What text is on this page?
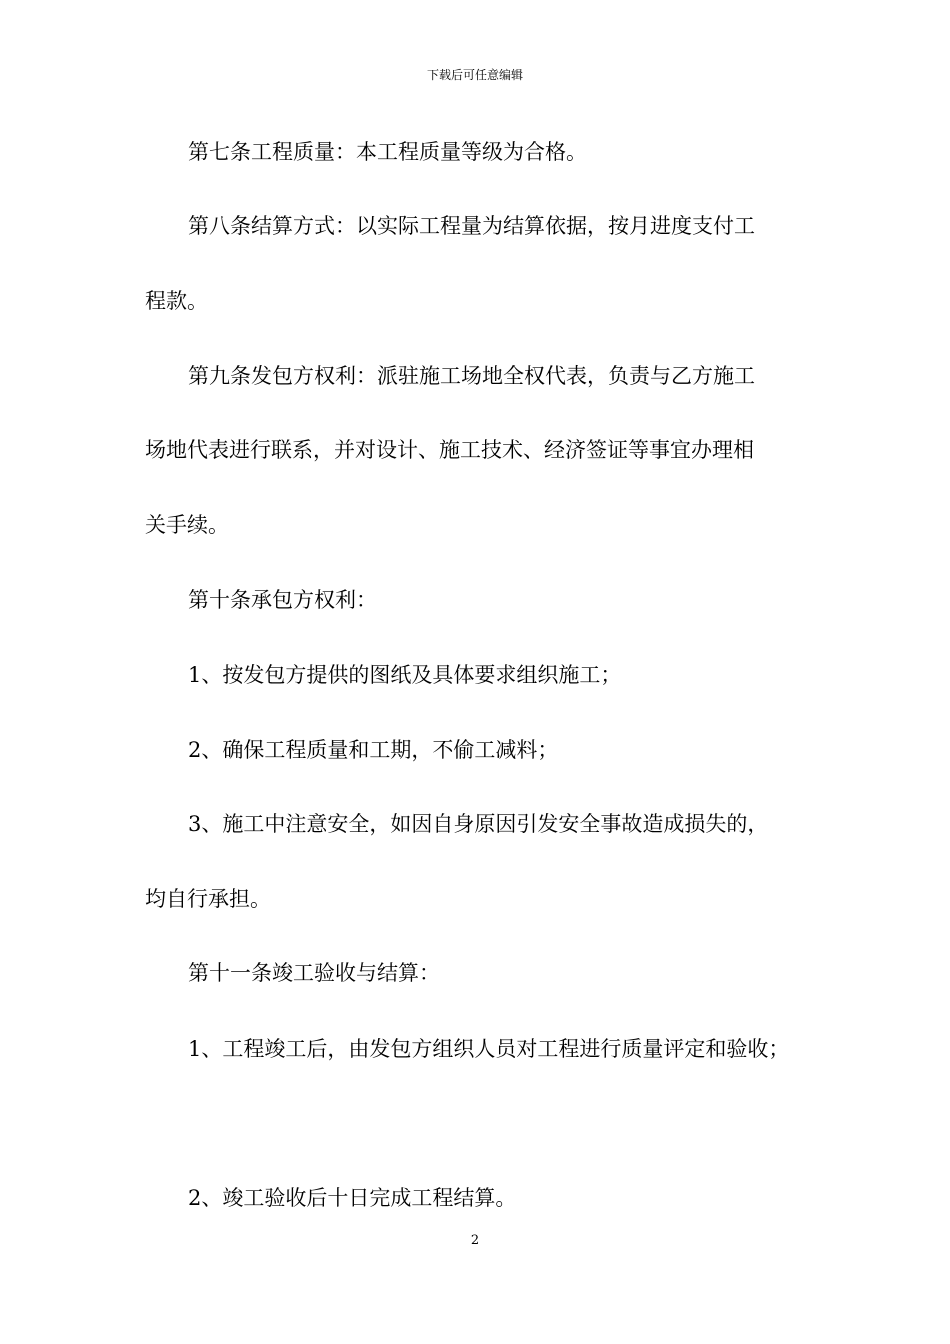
下载后可任意编辑
第七条工程质量：本工程质量等级为合格。
第八条结算方式：以实际工程量为结算依据，按月进度支付工
程款。
第九条发包方权利：派驻施工场地全权代表，负责与乙方施工
场地代表进行联系，并对设计、施工技术、经济签证等事宜办理相
关手续。
第十条承包方权利：
1、按发包方提供的图纸及具体要求组织施工；
2、确保工程质量和工期，不偷工减料；
3、施工中注意安全，如因自身原因引发安全事故造成损失的，
均自行承担。
第十一条竣工验收与结算：
1、工程竣工后，由发包方组织人员对工程进行质量评定和验收；
2、竣工验收后十日完成工程结算。
2
